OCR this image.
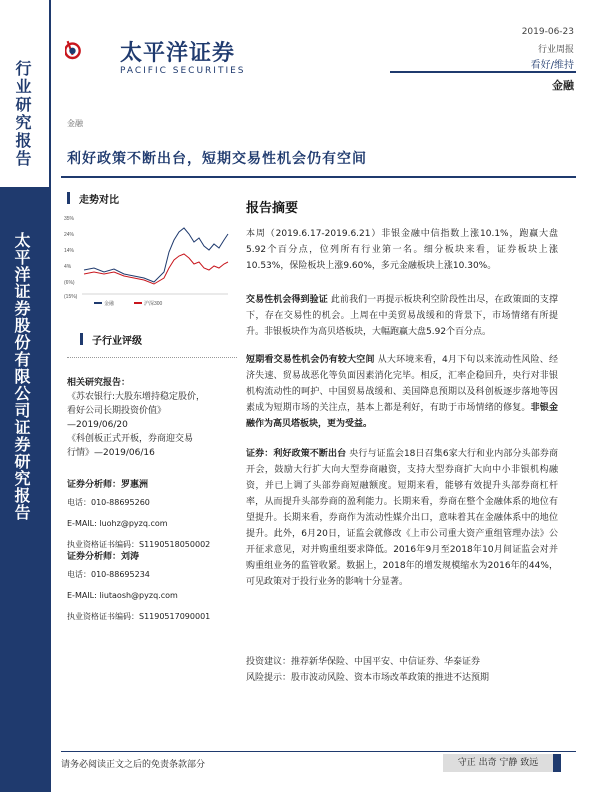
行业研究报告
太平洋证券股份有限公司证券研究报告
太平洋证券
PACIFIC SECURITIES
2019-06-23
行业周报
看好/维持
金融
金融
利好政策不断出台，短期交易性机会仍有空间
走势对比
35%
24%
14%
4%
(6%)
(15%)
金融	沪深300
子行业评级
相关研究报告：
《苏农银行:大股东增持稳定股价，
看好公司长期投资价值》
—2019/06/20
《科创板正式开板，券商迎交易
行情》—2019/06/16
证券分析师：罗惠洲
电话：010-88695260
E-MAIL: luohz@pyzq.com
执业资格证书编码：S1190518050002
证券分析师：刘涛
电话：010-88695234
E-MAIL: liutaosh@pyzq.com
执业资格证书编码：S1190517090001
报告摘要
本周（2019.6.17-2019.6.21）非银金融中信指数上涨10.1%，跑赢大盘5.92个百分点，位列所有行业第一名。细分板块来看，证券板块上涨10.53%，保险板块上涨9.60%，多元金融板块上涨10.30%。
交易性机会得到验证 此前我们一再提示板块利空阶段性出尽，在政策面的支撑下，存在交易性的机会。上周在中美贸易战缓和的背景下，市场情绪有所提升。非银板块作为高贝塔板块，大幅跑赢大盘5.92个百分点。
短期看交易性机会仍有较大空间 从大环境来看，4月下旬以来流动性风险、经济失速、贸易战恶化等负面因素消化完毕。相反，汇率企稳回升，央行对非银机构流动性的呵护、中国贸易战缓和、美国降息预期以及科创板逐步落地等因素成为短期市场的关注点，基本上都是利好，有助于市场情绪的修复。非银金融作为高贝塔板块，更为受益。
证券：利好政策不断出台 央行与证监会18日召集6家大行和业内部分头部券商开会，鼓励大行扩大向大型券商融资，支持大型券商扩大向中小非银机构融资，并已上调了头部券商短融额度。短期来看，能够有效提升头部券商杠杆率，从而提升头部券商的盈利能力。长期来看，券商在整个金融体系的地位有望提升。长期来看，券商作为流动性媒介出口，意味着其在金融体系中的地位提升。此外，6月20日，证监会就修改《上市公司重大资产重组管理办法》公开征求意见，对并购重组要求降低。2016年9月至2018年10月间证监会对并购重组业务的监管收紧。数据上，2018年的增发规模缩水为2016年的44%，可见政策对于投行业务的影响十分显著。
投资建议：推荐新华保险、中国平安、中信证券、华泰证券
风险提示：股市波动风险、资本市场改革政策的推进不达预期
请务必阅读正文之后的免责条款部分	守正 出奇 宁静 致远
